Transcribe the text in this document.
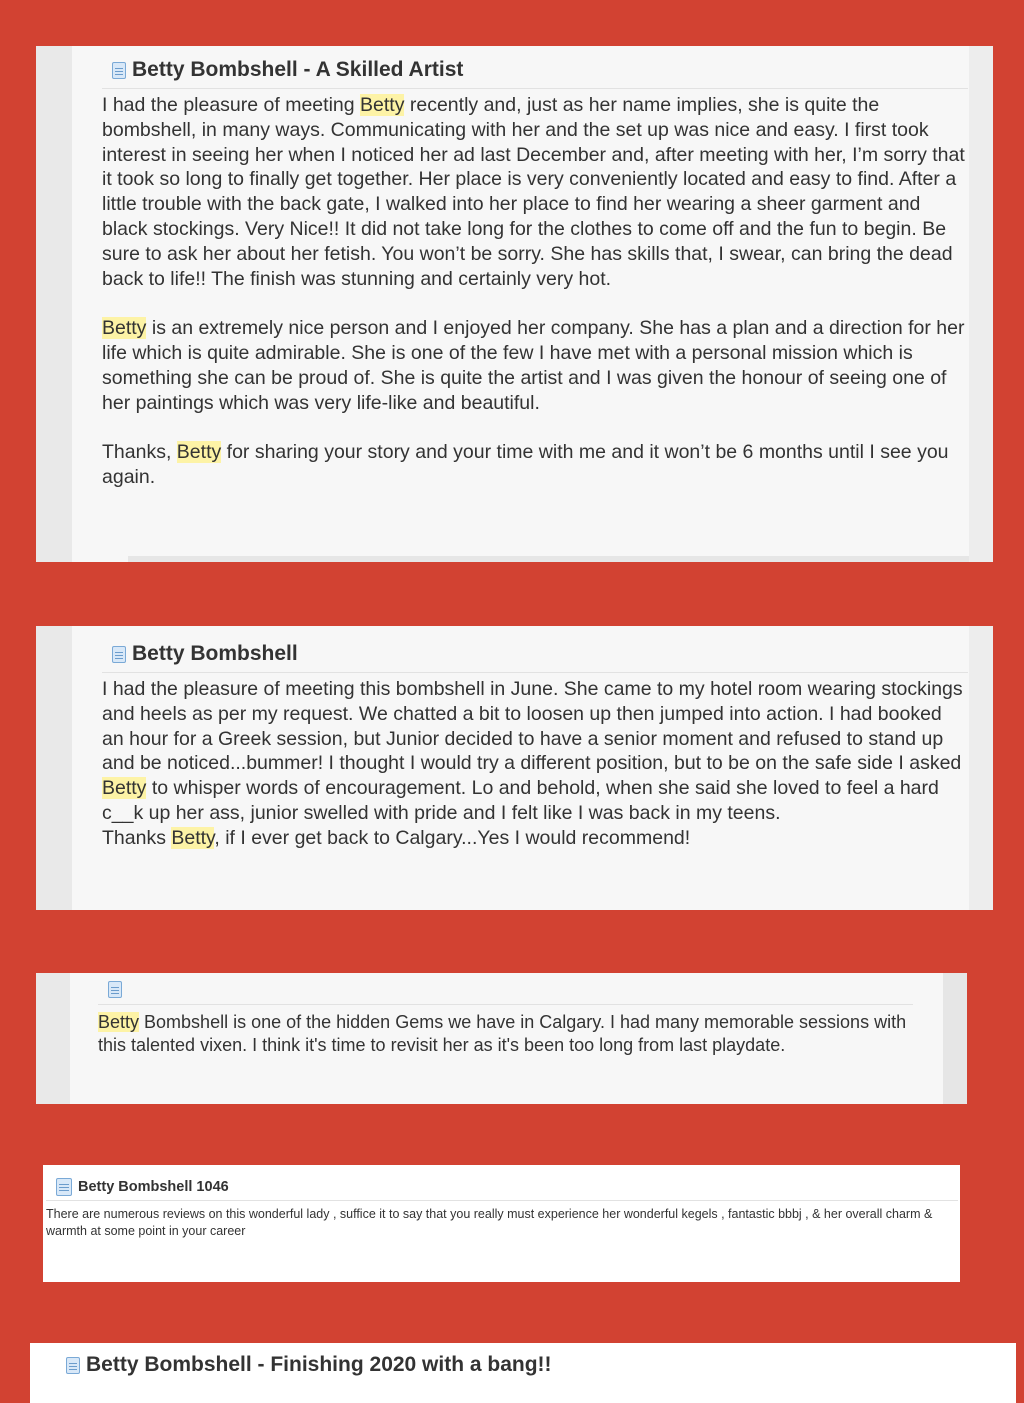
Betty Bombshell - A Skilled Artist

I had the pleasure of meeting Betty recently and, just as her name implies, she is quite the bombshell, in many ways. Communicating with her and the set up was nice and easy. I first took interest in seeing her when I noticed her ad last December and, after meeting with her, I’m sorry that it took so long to finally get together. Her place is very conveniently located and easy to find. After a little trouble with the back gate, I walked into her place to find her wearing a sheer garment and black stockings. Very Nice!! It did not take long for the clothes to come off and the fun to begin. Be sure to ask her about her fetish. You won’t be sorry. She has skills that, I swear, can bring the dead back to life!! The finish was stunning and certainly very hot.

Betty is an extremely nice person and I enjoyed her company. She has a plan and a direction for her life which is quite admirable. She is one of the few I have met with a personal mission which is something she can be proud of. She is quite the artist and I was given the honour of seeing one of her paintings which was very life-like and beautiful.

Thanks, Betty for sharing your story and your time with me and it won’t be 6 months until I see you again.

Betty Bombshell

I had the pleasure of meeting this bombshell in June. She came to my hotel room wearing stockings and heels as per my request. We chatted a bit to loosen up then jumped into action. I had booked an hour for a Greek session, but Junior decided to have a senior moment and refused to stand up and be noticed...bummer! I thought I would try a different position, but to be on the safe side I asked Betty to whisper words of encouragement. Lo and behold, when she said she loved to feel a hard c__k up her ass, junior swelled with pride and I felt like I was back in my teens.

Thanks Betty, if I ever get back to Calgary...Yes I would recommend!

Betty Bombshell is one of the hidden Gems we have in Calgary. I had many memorable sessions with this talented vixen. I think it's time to revisit her as it's been too long from last playdate.

Betty Bombshell 1046

There are numerous reviews on this wonderful lady , suffice it to say that you really must experience her wonderful kegels , fantastic bbbj , & her overall charm & warmth at some point in your career

Betty Bombshell - Finishing 2020 with a bang!!
